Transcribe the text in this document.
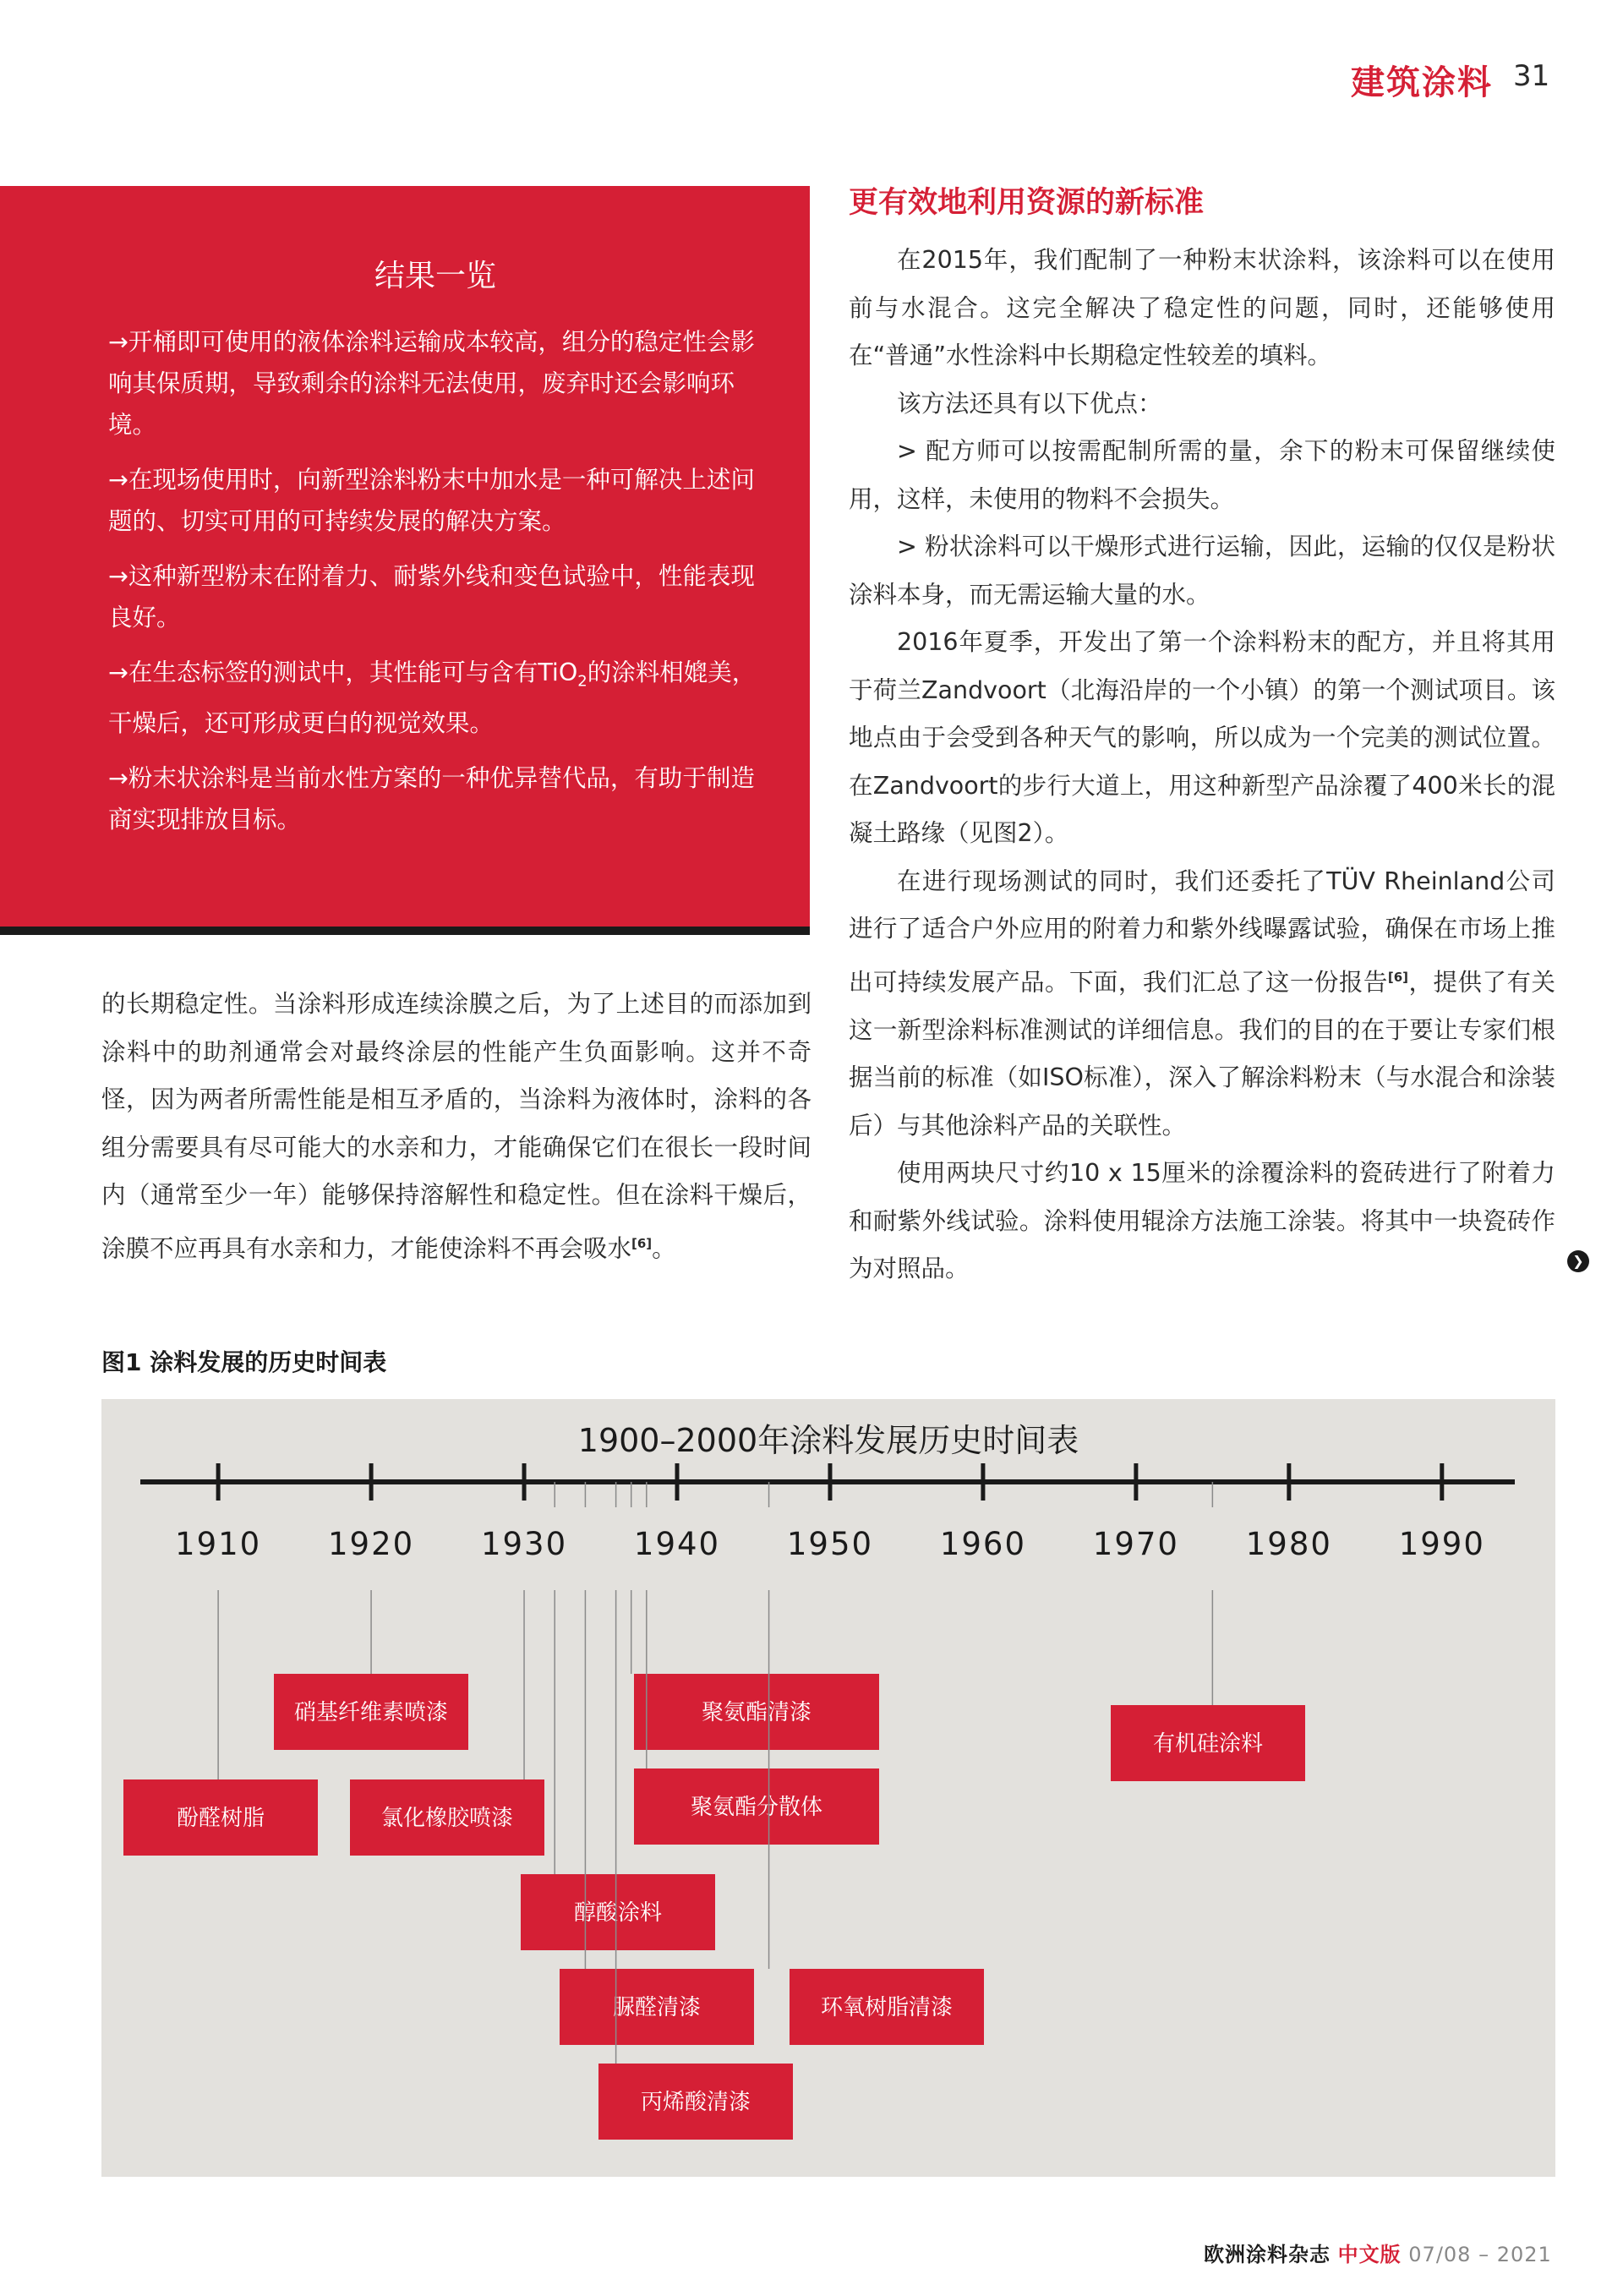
建筑涂料 31
结果一览
→开桶即可使用的液体涂料运输成本较高，组分的稳定性会影响其保质期，导致剩余的涂料无法使用，废弃时还会影响环境。
→在现场使用时，向新型涂料粉末中加水是一种可解决上述问题的、切实可用的可持续发展的解决方案。
→这种新型粉末在附着力、耐紫外线和变色试验中，性能表现良好。
→在生态标签的测试中，其性能可与含有TiO$_2$的涂料相媲美，干燥后，还可形成更白的视觉效果。
→粉末状涂料是当前水性方案的一种优异替代品，有助于制造商实现排放目标。
的长期稳定性。当涂料形成连续涂膜之后，为了上述目的而添加到涂料中的助剂通常会对最终涂层的性能产生负面影响。这并不奇怪，因为两者所需性能是相互矛盾的，当涂料为液体时，涂料的各组分需要具有尽可能大的水亲和力，才能确保它们在很长一段时间内（通常至少一年）能够保持溶解性和稳定性。但在涂料干燥后，涂膜不应再具有水亲和力，才能使涂料不再会吸水[6]。
更有效地利用资源的新标准

在2015年，我们配制了一种粉末状涂料，该涂料可以在使用前与水混合。这完全解决了稳定性的问题，同时，还能够使用在“普通”水性涂料中长期稳定性较差的填料。

该方法还具有以下优点：

> 配方师可以按需配制所需的量，余下的粉末可保留继续使用，这样，未使用的物料不会损失。

> 粉状涂料可以干燥形式进行运输，因此，运输的仅仅是粉状涂料本身，而无需运输大量的水。

2016年夏季，开发出了第一个涂料粉末的配方，并且将其用于荷兰Zandvoort（北海沿岸的一个小镇）的第一个测试项目。该地点由于会受到各种天气的影响，所以成为一个完美的测试位置。在Zandvoort的步行大道上，用这种新型产品涂覆了400米长的混凝土路缘（见图2）。

在进行现场测试的同时，我们还委托了TÜV Rheinland公司进行了适合户外应用的附着力和紫外线曝露试验，确保在市场上推出可持续发展产品。下面，我们汇总了这一份报告[6]，提供了有关这一新型涂料标准测试的详细信息。我们的目的在于要让专家们根据当前的标准（如ISO标准），深入了解涂料粉末（与水混合和涂装后）与其他涂料产品的关联性。

使用两块尺寸约10 x 15厘米的涂覆涂料的瓷砖进行了附着力和耐紫外线试验。涂料使用辊涂方法施工涂装。将其中一块瓷砖作为对照品。	❯
图1 涂料发展的历史时间表
1900–2000年涂料发展历史时间表
1910 1920 1930 1940 1950 1960 1970 1980 1990
酚醛树脂
硝基纤维素喷漆
氯化橡胶喷漆
醇酸涂料
脲醛清漆
丙烯酸清漆
聚氨酯清漆
聚氨酯分散体
环氧树脂清漆
有机硅涂料
欧洲涂料杂志 中文版 07/08 – 2021
